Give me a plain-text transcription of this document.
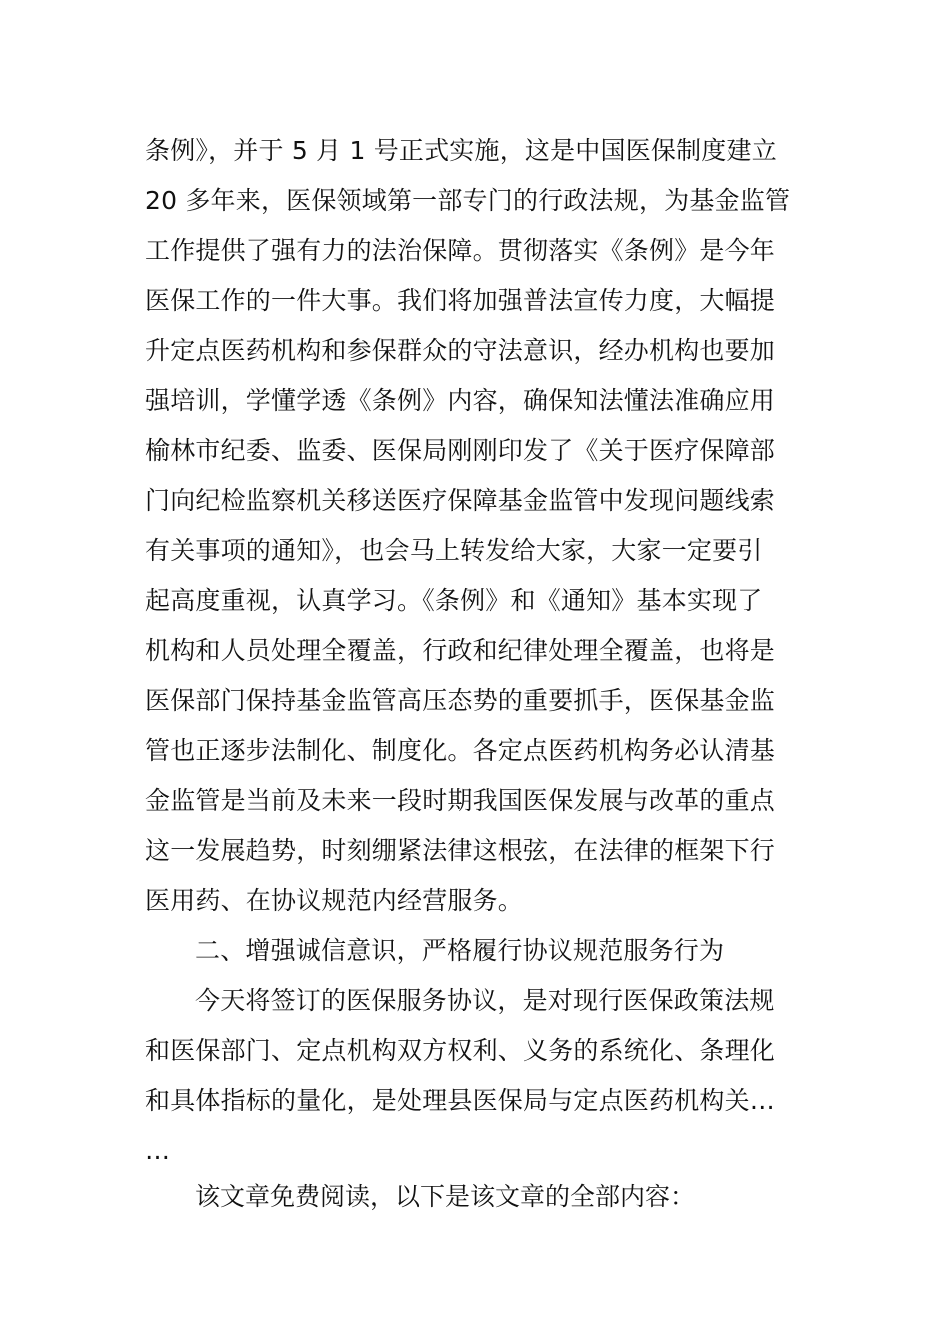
条例》，并于 5 月 1 号正式实施，这是中国医保制度建立
20 多年来，医保领域第一部专门的行政法规，为基金监管
工作提供了强有力的法治保障。贯彻落实《条例》是今年
医保工作的一件大事。我们将加强普法宣传力度，大幅提
升定点医药机构和参保群众的守法意识，经办机构也要加
强培训，学懂学透《条例》内容，确保知法懂法准确应用
榆林市纪委、监委、医保局刚刚印发了《关于医疗保障部
门向纪检监察机关移送医疗保障基金监管中发现问题线索
有关事项的通知》，也会马上转发给大家，大家一定要引
起高度重视，认真学习。《条例》和《通知》基本实现了
机构和人员处理全覆盖，行政和纪律处理全覆盖，也将是
医保部门保持基金监管高压态势的重要抓手，医保基金监
管也正逐步法制化、制度化。各定点医药机构务必认清基
金监管是当前及未来一段时期我国医保发展与改革的重点
这一发展趋势，时刻绷紧法律这根弦，在法律的框架下行
医用药、在协议规范内经营服务。
二、增强诚信意识，严格履行协议规范服务行为
今天将签订的医保服务协议，是对现行医保政策法规
和医保部门、定点机构双方权利、义务的系统化、条理化
和具体指标的量化，是处理县医保局与定点医药机构关…
…
该文章免费阅读，以下是该文章的全部内容：
